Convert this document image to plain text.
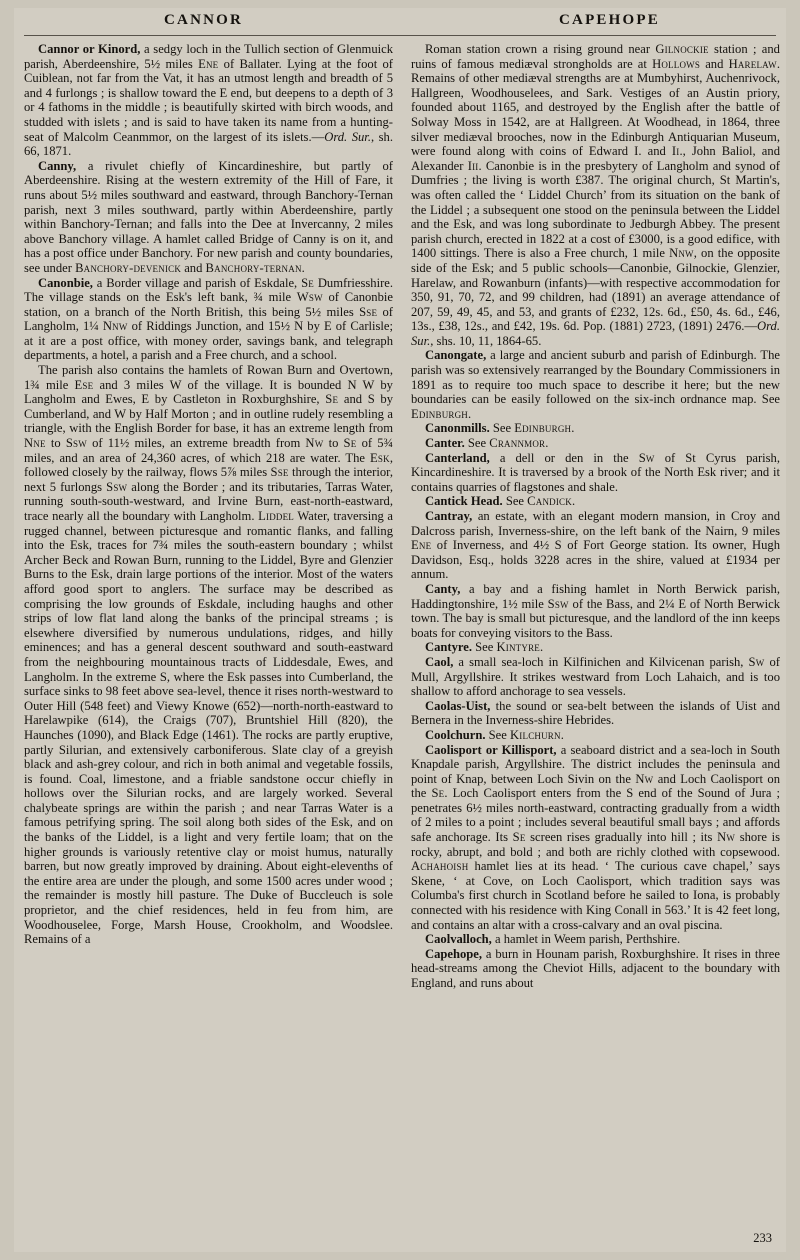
CANNOR	CAPEHOPE

Cannor or Kinord, a sedgy loch in the Tullich section of Glenmuick parish, Aberdeenshire, 5½ miles Ene of Ballater. Lying at the foot of Cuiblean, not far from the Vat, it has an utmost length and breadth of 5 and 4 furlongs ; is shallow toward the E end, but deepens to a depth of 3 or 4 fathoms in the middle ; is beautifully skirted with birch woods, and studded with islets ; and is said to have taken its name from a hunting-seat of Malcolm Ceanmmor, on the largest of its islets.—Ord. Sur., sh. 66, 1871.

Canny, a rivulet chiefly of Kincardineshire, but partly of Aberdeenshire. Rising at the western extremity of the Hill of Fare, it runs about 5½ miles southward and eastward, through Banchory-Ternan parish, next 3 miles southward, partly within Aberdeenshire, partly within Banchory-Ternan; and falls into the Dee at Invercanny, 2 miles above Banchory village. A hamlet called Bridge of Canny is on it, and has a post office under Banchory. For new parish and county boundaries, see under Banchory-devenick and Banchory-ternan.

Canonbie, a Border village and parish of Eskdale, Se Dumfriesshire. The village stands on the Esk's left bank, ¾ mile Wsw of Canonbie station, on a branch of the North British, this being 5½ miles Sse of Langholm, 1¼ Nnw of Riddings Junction, and 15½ N by E of Carlisle; at it are a post office, with money order, savings bank, and telegraph departments, a hotel, a parish and a Free church, and a school.

The parish also contains the hamlets of Rowan Burn and Overtown, 1¾ mile Ese and 3 miles W of the village. It is bounded N W by Langholm and Ewes, E by Castleton in Roxburghshire, Se and S by Cumberland, and W by Half Morton ; and in outline rudely resembling a triangle, with the English Border for base, it has an extreme length from Nne to Ssw of 11½ miles, an extreme breadth from Nw to Se of 5¾ miles, and an area of 24,360 acres, of which 218 are water. The Esk, followed closely by the railway, flows 5⅞ miles Sse through the interior, next 5 furlongs Ssw along the Border ; and its tributaries, Tarras Water, running south-south-westward, and Irvine Burn, east-north-eastward, trace nearly all the boundary with Langholm. Liddel Water, traversing a rugged channel, between picturesque and romantic flanks, and falling into the Esk, traces for 7¾ miles the south-eastern boundary ; whilst Archer Beck and Rowan Burn, running to the Liddel, Byre and Glenzier Burns to the Esk, drain large portions of the interior. Most of the waters afford good sport to anglers. The surface may be described as comprising the low grounds of Eskdale, including haughs and other strips of low flat land along the banks of the principal streams ; is elsewhere diversified by numerous undulations, ridges, and hilly eminences; and has a general descent southward and south-eastward from the neighbouring mountainous tracts of Liddesdale, Ewes, and Langholm. In the extreme S, where the Esk passes into Cumberland, the surface sinks to 98 feet above sea-level, thence it rises north-westward to Outer Hill (548 feet) and Viewy Knowe (652)—north-north-eastward to Harelawpike (614), the Craigs (707), Bruntshiel Hill (820), the Haunches (1090), and Black Edge (1461). The rocks are partly eruptive, partly Silurian, and extensively carboniferous. Slate clay of a greyish black and ash-grey colour, and rich in both animal and vegetable fossils, is found. Coal, limestone, and a friable sandstone occur chiefly in hollows over the Silurian rocks, and are largely worked. Several chalybeate springs are within the parish ; and near Tarras Water is a famous petrifying spring. The soil along both sides of the Esk, and on the banks of the Liddel, is a light and very fertile loam; that on the higher grounds is variously retentive clay or moist humus, naturally barren, but now greatly improved by draining. About eight-elevenths of the entire area are under the plough, and some 1500 acres under wood ; the remainder is mostly hill pasture. The Duke of Buccleuch is sole proprietor, and the chief residences, held in feu from him, are Woodhouselee, Forge, Marsh House, Crookholm, and Woodslee. Remains of a

Roman station crown a rising ground near Gilnockie station ; and ruins of famous mediæval strongholds are at Hollows and Harelaw. Remains of other mediæval strengths are at Mumbyhirst, Auchenrivock, Hallgreen, Woodhouselees, and Sark. Vestiges of an Austin priory, founded about 1165, and destroyed by the English after the battle of Solway Moss in 1542, are at Hallgreen. At Woodhead, in 1864, three silver mediæval brooches, now in the Edinburgh Antiquarian Museum, were found along with coins of Edward I. and Ii., John Baliol, and Alexander Iii. Canonbie is in the presbytery of Langholm and synod of Dumfries ; the living is worth £387. The original church, St Martin's, was often called the ‘ Liddel Church’ from its situation on the bank of the Liddel ; a subsequent one stood on the peninsula between the Liddel and the Esk, and was long subordinate to Jedburgh Abbey. The present parish church, erected in 1822 at a cost of £3000, is a good edifice, with 1400 sittings. There is also a Free church, 1 mile Nnw, on the opposite side of the Esk; and 5 public schools—Canonbie, Gilnockie, Glenzier, Harelaw, and Rowanburn (infants)—with respective accommodation for 350, 91, 70, 72, and 99 children, had (1891) an average attendance of 207, 59, 49, 45, and 53, and grants of £232, 12s. 6d., £50, 4s. 6d., £46, 13s., £38, 12s., and £42, 19s. 6d. Pop. (1881) 2723, (1891) 2476.—Ord. Sur., shs. 10, 11, 1864-65.

Canongate, a large and ancient suburb and parish of Edinburgh. The parish was so extensively rearranged by the Boundary Commissioners in 1891 as to require too much space to describe it here; but the new boundaries can be easily followed on the six-inch ordnance map. See Edinburgh.

Canonmills. See Edinburgh.

Canter. See Crannmor.

Canterland, a dell or den in the Sw of St Cyrus parish, Kincardineshire. It is traversed by a brook of the North Esk river; and it contains quarries of flagstones and shale.

Cantick Head. See Candick.

Cantray, an estate, with an elegant modern mansion, in Croy and Dalcross parish, Inverness-shire, on the left bank of the Nairn, 9 miles Ene of Inverness, and 4½ S of Fort George station. Its owner, Hugh Davidson, Esq., holds 3228 acres in the shire, valued at £1934 per annum.

Canty, a bay and a fishing hamlet in North Berwick parish, Haddingtonshire, 1½ mile Ssw of the Bass, and 2¼ E of North Berwick town. The bay is small but picturesque, and the landlord of the inn keeps boats for conveying visitors to the Bass.

Cantyre. See Kintyre.

Caol, a small sea-loch in Kilfinichen and Kilvicenan parish, Sw of Mull, Argyllshire. It strikes westward from Loch Lahaich, and is too shallow to afford anchorage to sea vessels.

Caolas-Uist, the sound or sea-belt between the islands of Uist and Bernera in the Inverness-shire Hebrides.

Coolchurn. See Kilchurn.

Caolisport or Killisport, a seaboard district and a sea-loch in South Knapdale parish, Argyllshire. The district includes the peninsula and point of Knap, between Loch Sivin on the Nw and Loch Caolisport on the Se. Loch Caolisport enters from the S end of the Sound of Jura ; penetrates 6½ miles north-eastward, contracting gradually from a width of 2 miles to a point ; includes several beautiful small bays ; and affords safe anchorage. Its Se screen rises gradually into hill ; its Nw shore is rocky, abrupt, and bold ; and both are richly clothed with copsewood. Achahoish hamlet lies at its head. ‘ The curious cave chapel,’ says Skene, ‘ at Cove, on Loch Caolisport, which tradition says was Columba's first church in Scotland before he sailed to Iona, is probably connected with his residence with King Conall in 563.’ It is 42 feet long, and contains an altar with a cross-calvary and an oval piscina.

Caolvalloch, a hamlet in Weem parish, Perthshire.

Capehope, a burn in Hounam parish, Roxburghshire. It rises in three head-streams among the Cheviot Hills, adjacent to the boundary with England, and runs about

233
